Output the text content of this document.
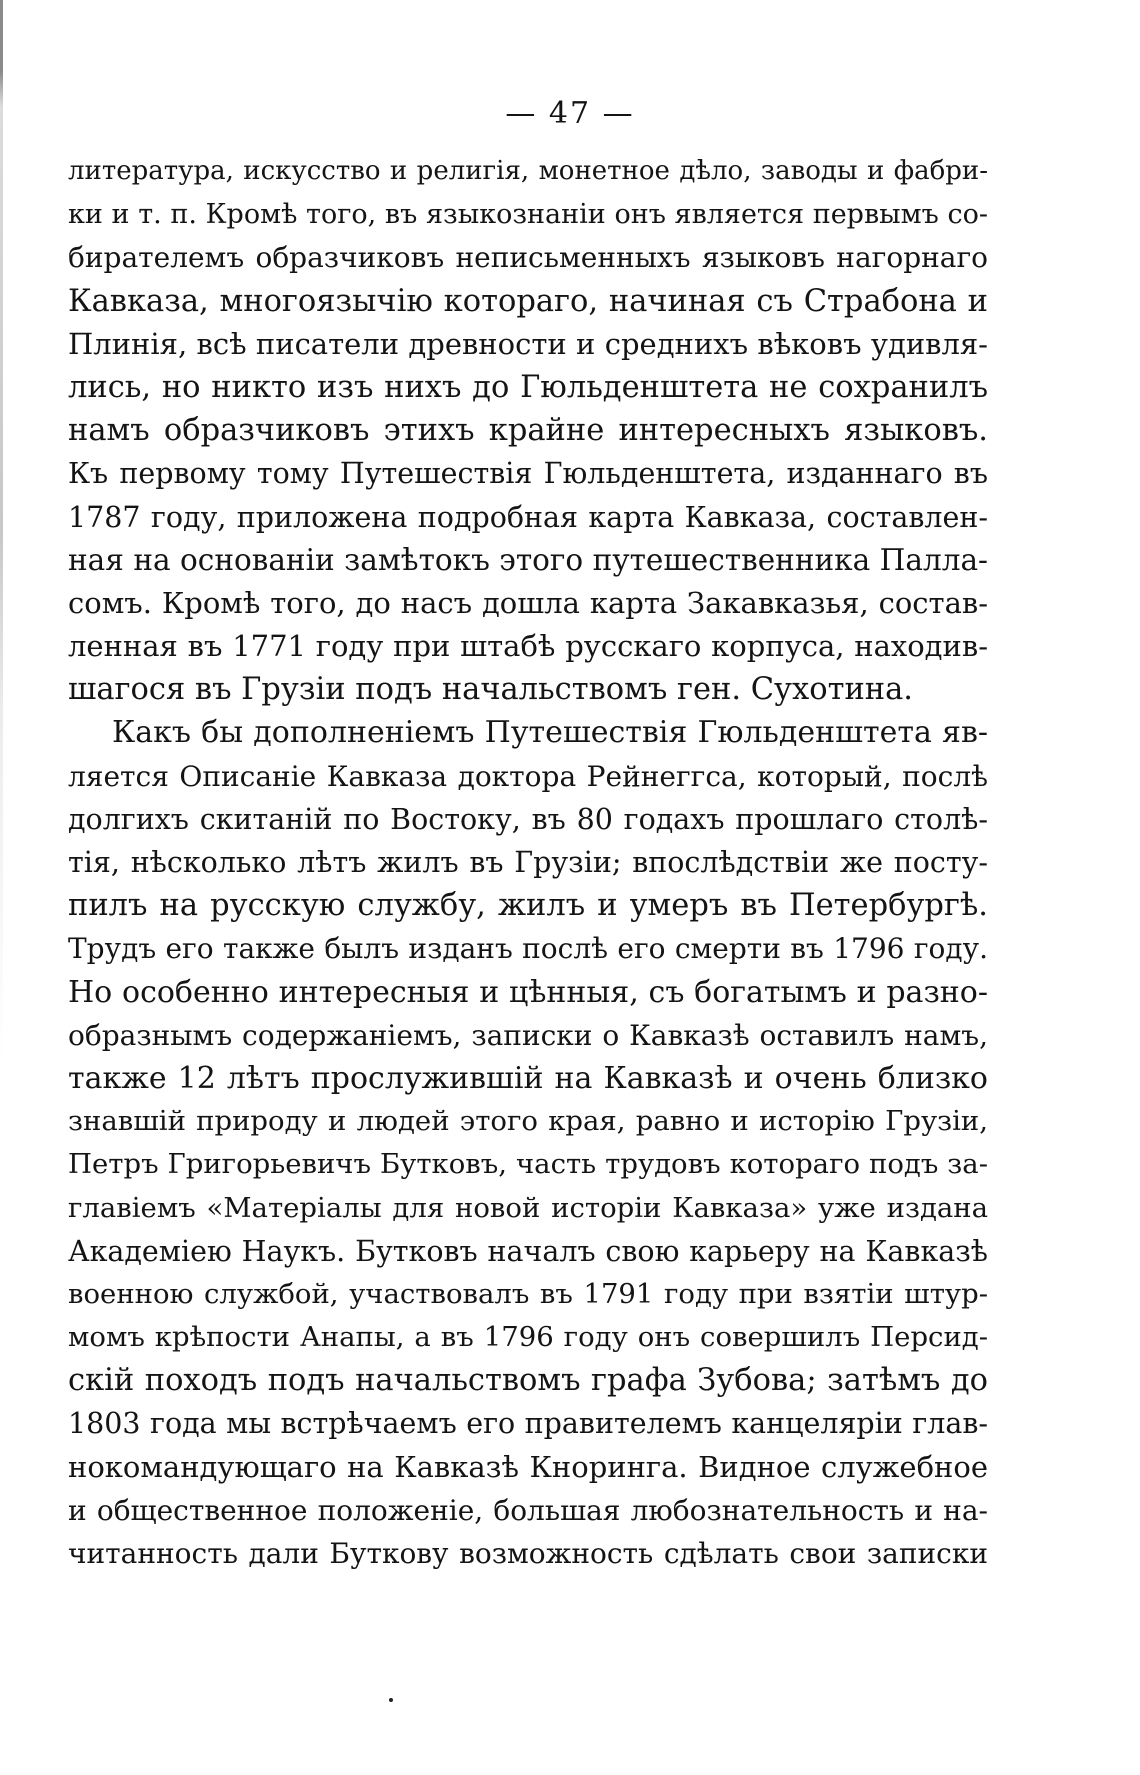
— 47 —
литература, искусство и религія, монетное дѣло, заводы и фабри-
ки и т. п. Кромѣ того, въ языкознаніи онъ является первымъ со-
бирателемъ образчиковъ неписьменныхъ языковъ нагорнаго
Кавказа, многоязычію котораго, начиная съ Страбона и
Плинія, всѣ писатели древности и среднихъ вѣковъ удивля-
лись, но никто изъ нихъ до Гюльденштета не сохранилъ
намъ образчиковъ этихъ крайне интересныхъ языковъ.
Къ первому тому Путешествія Гюльденштета, изданнаго въ
1787 году, приложена подробная карта Кавказа, составлен-
ная на основаніи замѣтокъ этого путешественника Палла-
сомъ. Кромѣ того, до насъ дошла карта Закавказья, состав-
ленная въ 1771 году при штабѣ русскаго корпуса, находив-
шагося въ Грузіи подъ начальствомъ ген. Сухотина.
Какъ бы дополненіемъ Путешествія Гюльденштета яв-
ляется Описаніе Кавказа доктора Рейнеггса, который, послѣ
долгихъ скитаній по Востоку, въ 80 годахъ прошлаго столѣ-
тія, нѣсколько лѣтъ жилъ въ Грузіи; впослѣдствіи же посту-
пилъ на русскую службу, жилъ и умеръ въ Петербургѣ.
Трудъ его также былъ изданъ послѣ его смерти въ 1796 году.
Но особенно интересныя и цѣнныя, съ богатымъ и разно-
образнымъ содержаніемъ, записки о Кавказѣ оставилъ намъ,
также 12 лѣтъ прослужившій на Кавказѣ и очень близко
знавшій природу и людей этого края, равно и исторію Грузіи,
Петръ Григорьевичъ Бутковъ, часть трудовъ котораго подъ за-
главіемъ «Матеріалы для новой исторіи Кавказа» уже издана
Академіею Наукъ. Бутковъ началъ свою карьеру на Кавказѣ
военною службой, участвовалъ въ 1791 году при взятіи штур-
момъ крѣпости Анапы, а въ 1796 году онъ совершилъ Персид-
скій походъ подъ начальствомъ графа Зубова; затѣмъ до
1803 года мы встрѣчаемъ его правителемъ канцеляріи глав-
нокомандующаго на Кавказѣ Кноринга. Видное служебное
и общественное положеніе, большая любознательность и на-
читанность дали Буткову возможность сдѣлать свои записки
